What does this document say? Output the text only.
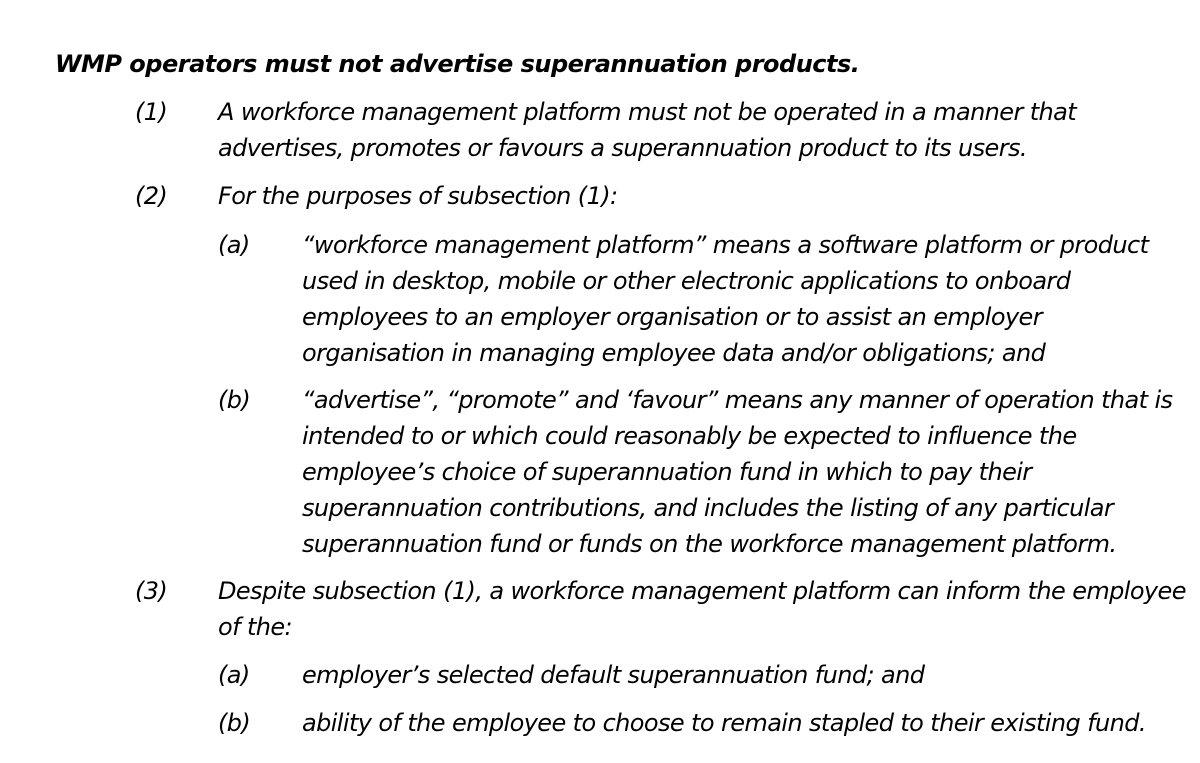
WMP operators must not advertise superannuation products.
(1) A workforce management platform must not be operated in a manner that
advertises, promotes or favours a superannuation product to its users.
(2) For the purposes of subsection (1):
(a) “workforce management platform” means a software platform or product
used in desktop, mobile or other electronic applications to onboard
employees to an employer organisation or to assist an employer
organisation in managing employee data and/or obligations; and
(b) “advertise”, “promote” and ‘favour” means any manner of operation that is
intended to or which could reasonably be expected to influence the
employee’s choice of superannuation fund in which to pay their
superannuation contributions, and includes the listing of any particular
superannuation fund or funds on the workforce management platform.
(3) Despite subsection (1), a workforce management platform can inform the employee
of the:
(a) employer’s selected default superannuation fund; and
(b) ability of the employee to choose to remain stapled to their existing fund.
